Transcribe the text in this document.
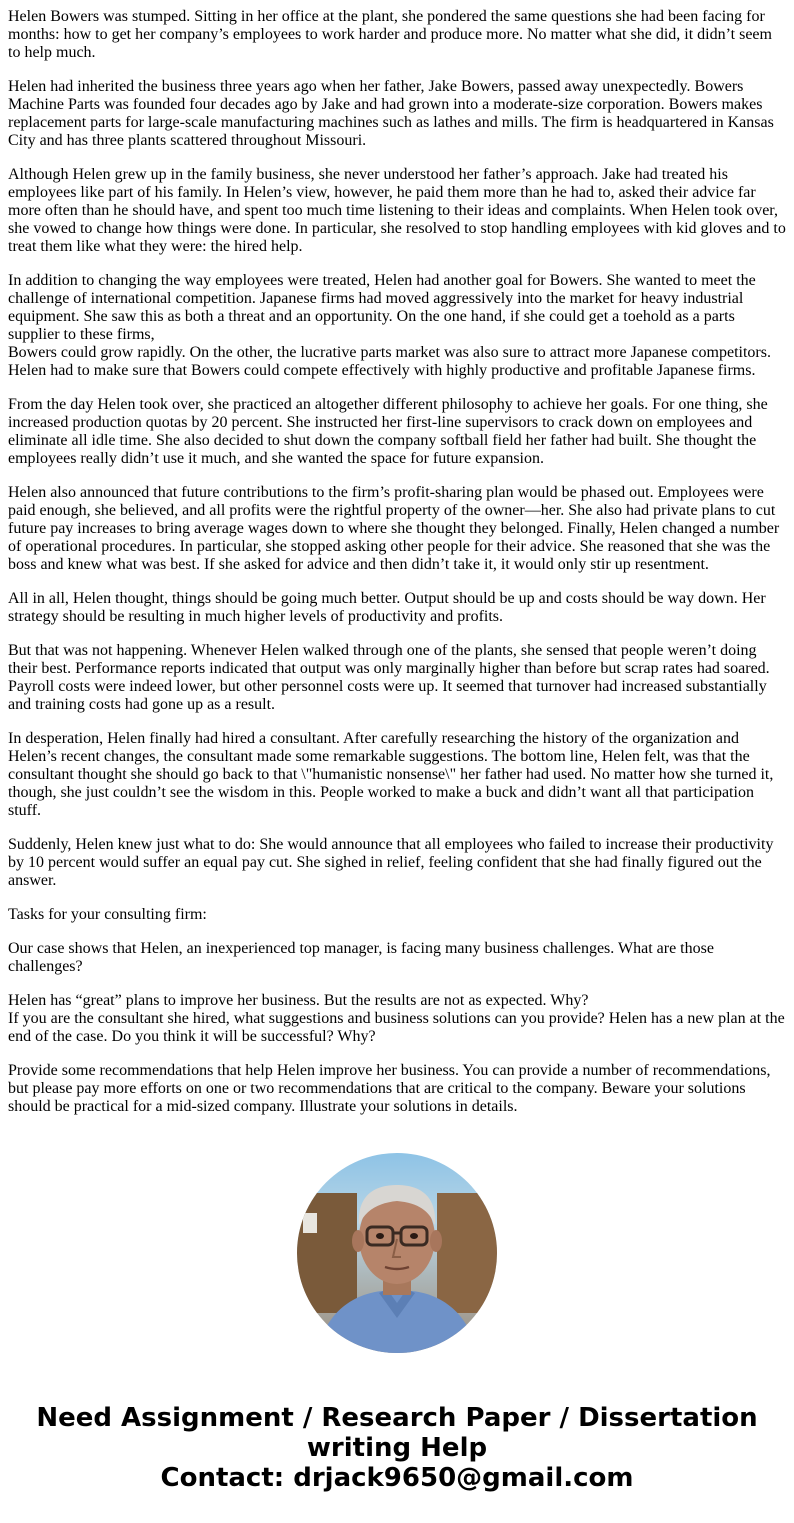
Helen Bowers was stumped. Sitting in her office at the plant, she pondered the same questions she had been facing for months: how to get her company’s employees to work harder and produce more. No matter what she did, it didn’t seem to help much.

Helen had inherited the business three years ago when her father, Jake Bowers, passed away unexpectedly. Bowers Machine Parts was founded four decades ago by Jake and had grown into a moderate-size corporation. Bowers makes replacement parts for large-scale manufacturing machines such as lathes and mills. The firm is headquartered in Kansas City and has three plants scattered throughout Missouri.

Although Helen grew up in the family business, she never understood her father’s approach. Jake had treated his employees like part of his family. In Helen’s view, however, he paid them more than he had to, asked their advice far more often than he should have, and spent too much time listening to their ideas and complaints. When Helen took over, she vowed to change how things were done. In particular, she resolved to stop handling employees with kid gloves and to treat them like what they were: the hired help.

In addition to changing the way employees were treated, Helen had another goal for Bowers. She wanted to meet the challenge of international competition. Japanese firms had moved aggressively into the market for heavy industrial equipment. She saw this as both a threat and an opportunity. On the one hand, if she could get a toehold as a parts supplier to these firms,
Bowers could grow rapidly. On the other, the lucrative parts market was also sure to attract more Japanese competitors. Helen had to make sure that Bowers could compete effectively with highly productive and profitable Japanese firms.

From the day Helen took over, she practiced an altogether different philosophy to achieve her goals. For one thing, she increased production quotas by 20 percent. She instructed her first-line supervisors to crack down on employees and eliminate all idle time. She also decided to shut down the company softball field her father had built. She thought the employees really didn’t use it much, and she wanted the space for future expansion.

Helen also announced that future contributions to the firm’s profit-sharing plan would be phased out. Employees were paid enough, she believed, and all profits were the rightful property of the owner—her. She also had private plans to cut future pay increases to bring average wages down to where she thought they belonged. Finally, Helen changed a number of operational procedures. In particular, she stopped asking other people for their advice. She reasoned that she was the boss and knew what was best. If she asked for advice and then didn’t take it, it would only stir up resentment.

All in all, Helen thought, things should be going much better. Output should be up and costs should be way down. Her strategy should be resulting in much higher levels of productivity and profits.

But that was not happening. Whenever Helen walked through one of the plants, she sensed that people weren’t doing their best. Performance reports indicated that output was only marginally higher than before but scrap rates had soared. Payroll costs were indeed lower, but other personnel costs were up. It seemed that turnover had increased substantially and training costs had gone up as a result.

In desperation, Helen finally had hired a consultant. After carefully researching the history of the organization and Helen’s recent changes, the consultant made some remarkable suggestions. The bottom line, Helen felt, was that the consultant thought she should go back to that \"humanistic nonsense\" her father had used. No matter how she turned it, though, she just couldn’t see the wisdom in this. People worked to make a buck and didn’t want all that participation stuff.

Suddenly, Helen knew just what to do: She would announce that all employees who failed to increase their productivity by 10 percent would suffer an equal pay cut. She sighed in relief, feeling confident that she had finally figured out the answer.

Tasks for your consulting firm:

Our case shows that Helen, an inexperienced top manager, is facing many business challenges. What are those challenges?

Helen has “great” plans to improve her business. But the results are not as expected. Why?
If you are the consultant she hired, what suggestions and business solutions can you provide? Helen has a new plan at the end of the case. Do you think it will be successful? Why?

Provide some recommendations that help Helen improve her business. You can provide a number of recommendations, but please pay more efforts on one or two recommendations that are critical to the company. Beware your solutions should be practical for a mid-sized company. Illustrate your solutions in details.

Need Assignment / Research Paper / Dissertation
writing Help
Contact: drjack9650@gmail.com
